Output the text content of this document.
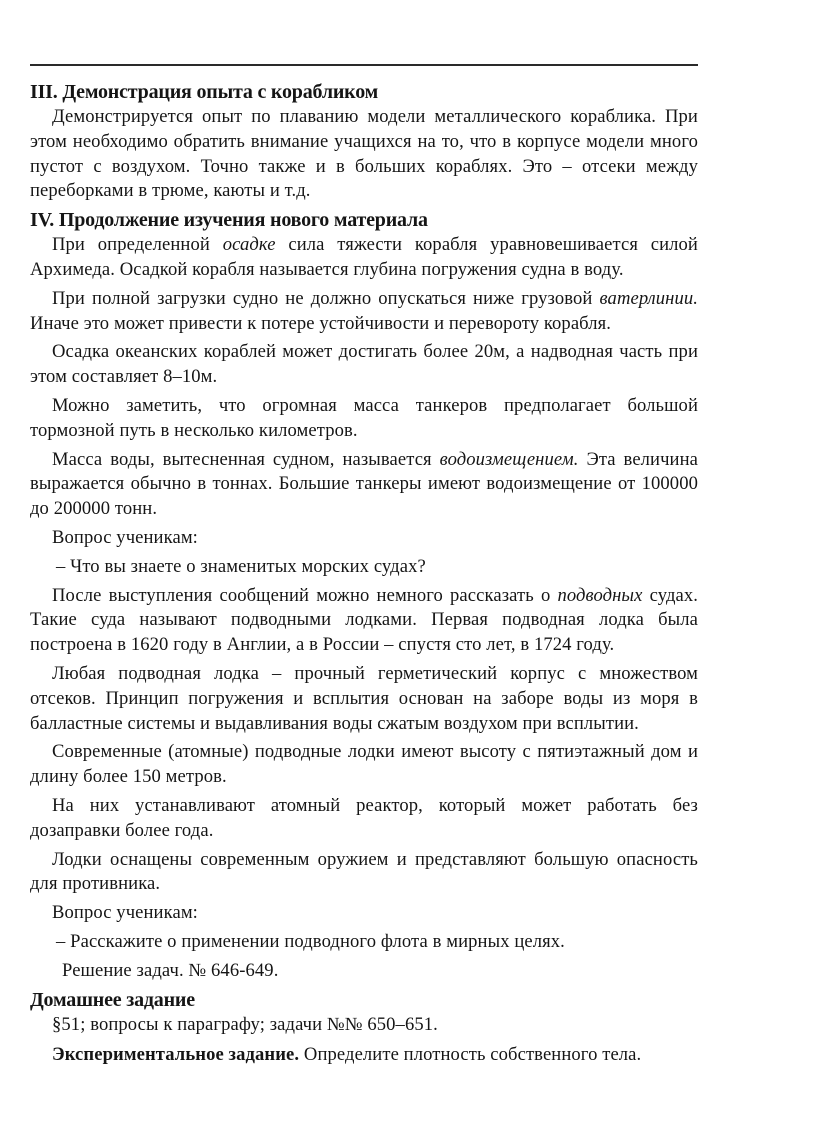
III. Демонстрация опыта с корабликом

Демонстрируется опыт по плаванию модели металлического кораблика. При этом необходимо обратить внимание учащихся на то, что в корпусе модели много пустот с воздухом. Точно также и в больших кораблях. Это – отсеки между переборками в трюме, каюты и т.д.

IV. Продолжение изучения нового материала

При определенной осадке сила тяжести корабля уравновешивается силой Архимеда. Осадкой корабля называется глубина погружения судна в воду.

При полной загрузки судно не должно опускаться ниже грузовой ватерлинии. Иначе это может привести к потере устойчивости и перевороту корабля.

Осадка океанских кораблей может достигать более 20м, а надводная часть при этом составляет 8–10м.

Можно заметить, что огромная масса танкеров предполагает большой тормозной путь в несколько километров.

Масса воды, вытесненная судном, называется водоизмещением. Эта величина выражается обычно в тоннах. Большие танкеры имеют водоизмещение от 100000 до 200000 тонн.

Вопрос ученикам:

– Что вы знаете о знаменитых морских судах?

После выступления сообщений можно немного рассказать о подводных судах. Такие суда называют подводными лодками. Первая подводная лодка была построена в 1620 году в Англии, а в России – спустя сто лет, в 1724 году.

Любая подводная лодка – прочный герметический корпус с множеством отсеков. Принцип погружения и всплытия основан на заборе воды из моря в балластные системы и выдавливания воды сжатым воздухом при всплытии.

Современные (атомные) подводные лодки имеют высоту с пятиэтажный дом и длину более 150 метров.

На них устанавливают атомный реактор, который может работать без дозаправки более года.

Лодки оснащены современным оружием и представляют большую опасность для противника.

Вопрос ученикам:

– Расскажите о применении подводного флота в мирных целях.

Решение задач. № 646-649.

Домашнее задание

§51; вопросы к параграфу; задачи №№ 650–651.

Экспериментальное задание. Определите плотность собственного тела.
